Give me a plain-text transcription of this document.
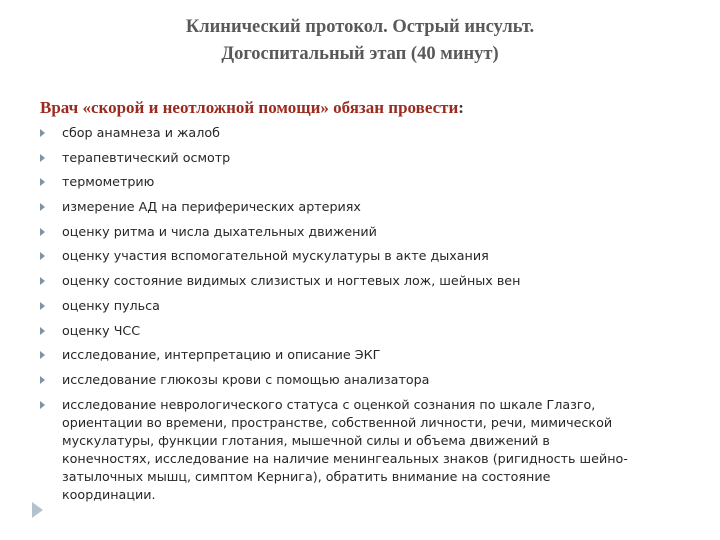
Клинический протокол. Острый инсульт.
Догоспитальный этап (40 минут)
Врач «скорой и неотложной помощи» обязан провести:
сбор анамнеза и жалоб
терапевтический осмотр
термометрию
измерение АД на периферических артериях
оценку ритма и числа дыхательных движений
оценку участия вспомогательной мускулатуры в акте дыхания
оценку состояние видимых слизистых и ногтевых лож, шейных вен
оценку пульса
оценку ЧСС
исследование, интерпретацию и описание ЭКГ
исследование глюкозы крови с помощью анализатора
исследование неврологического статуса с оценкой сознания по шкале Глазго,
ориентации во времени, пространстве, собственной личности, речи, мимической
мускулатуры, функции глотания, мышечной силы и объема движений в
конечностях, исследование на наличие менингеальных знаков (ригидность шейно-
затылочных мышц, симптом Кернига), обратить внимание на состояние
координации.
